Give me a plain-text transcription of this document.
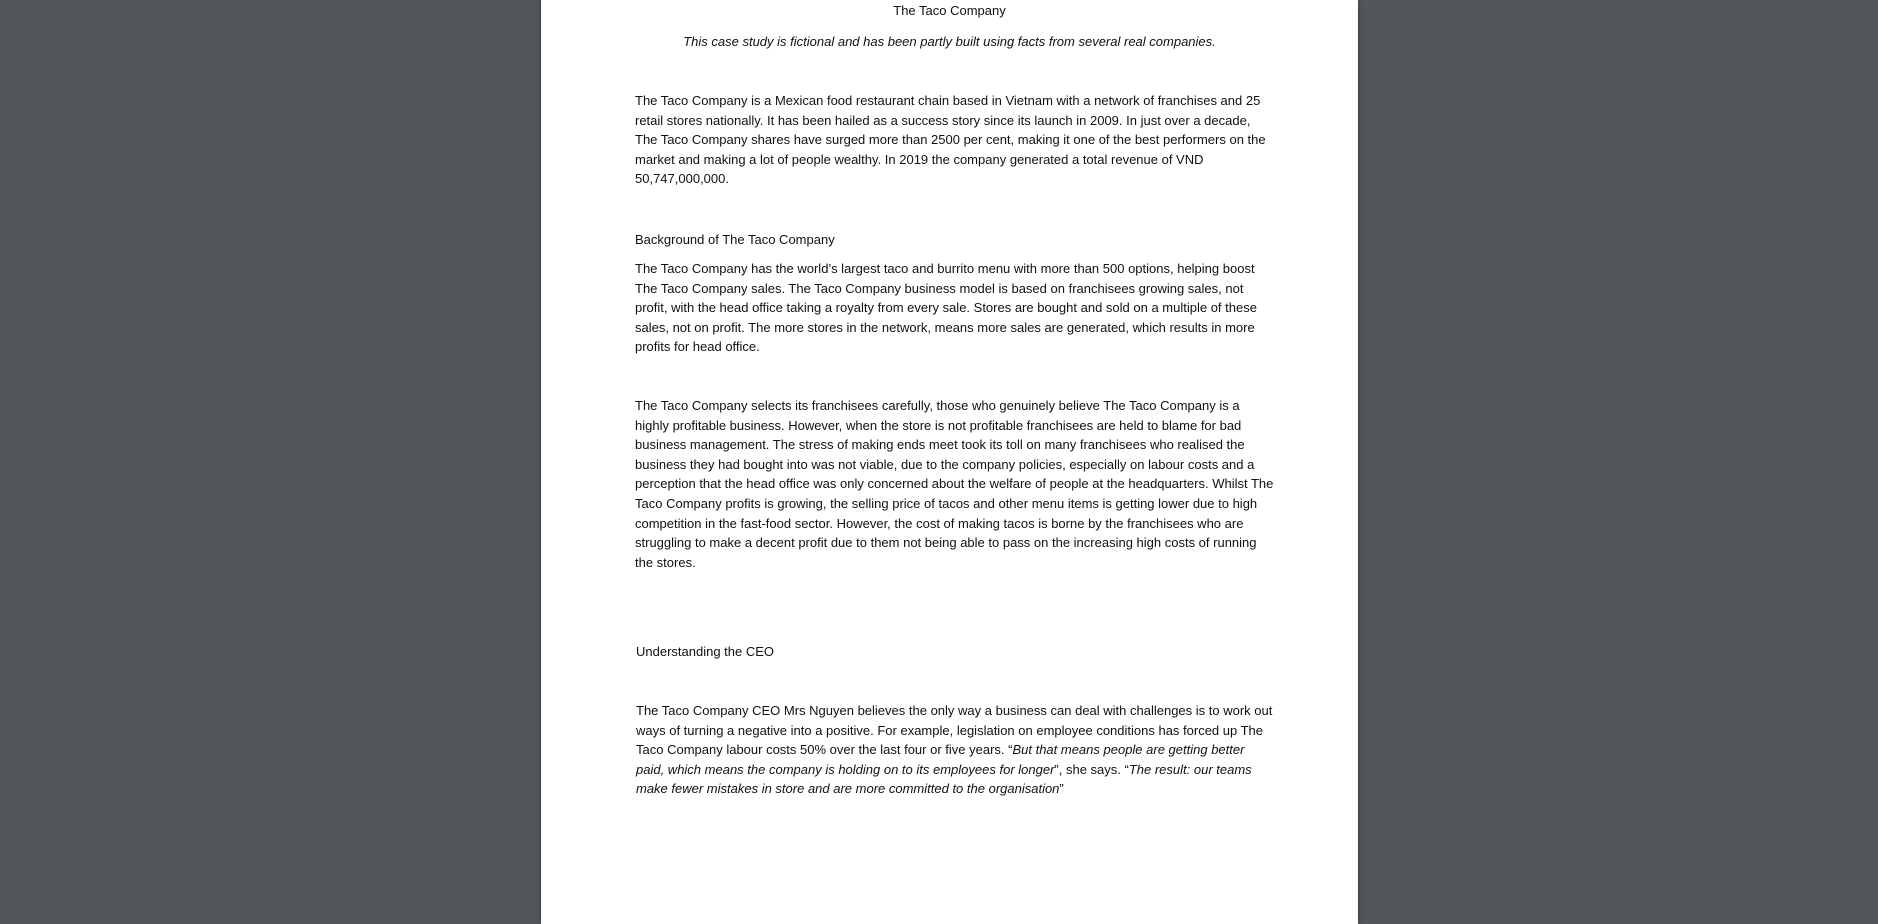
The Taco Company
This case study is fictional and has been partly built using facts from several real companies.

The Taco Company is a Mexican food restaurant chain based in Vietnam with a network of franchises and 25 retail stores nationally. It has been hailed as a success story since its launch in 2009. In just over a decade, The Taco Company shares have surged more than 2500 per cent, making it one of the best performers on the market and making a lot of people wealthy. In 2019 the company generated a total revenue of VND 50,747,000,000.

Background of The Taco Company

The Taco Company has the world’s largest taco and burrito menu with more than 500 options, helping boost The Taco Company sales. The Taco Company business model is based on franchisees growing sales, not profit, with the head office taking a royalty from every sale. Stores are bought and sold on a multiple of these sales, not on profit. The more stores in the network, means more sales are generated, which results in more profits for head office.

The Taco Company selects its franchisees carefully, those who genuinely believe The Taco Company is a highly profitable business. However, when the store is not profitable franchisees are held to blame for bad business management. The stress of making ends meet took its toll on many franchisees who realised the business they had bought into was not viable, due to the company policies, especially on labour costs and a perception that the head office was only concerned about the welfare of people at the headquarters. Whilst The Taco Company profits is growing, the selling price of tacos and other menu items is getting lower due to high competition in the fast-food sector. However, the cost of making tacos is borne by the franchisees who are struggling to make a decent profit due to them not being able to pass on the increasing high costs of running the stores.

Understanding the CEO

The Taco Company CEO Mrs Nguyen believes the only way a business can deal with challenges is to work out ways of turning a negative into a positive. For example, legislation on employee conditions has forced up The Taco Company labour costs 50% over the last four or five years. “But that means people are getting better paid, which means the company is holding on to its employees for longer”, she says. “The result: our teams make fewer mistakes in store and are more committed to the organisation”
